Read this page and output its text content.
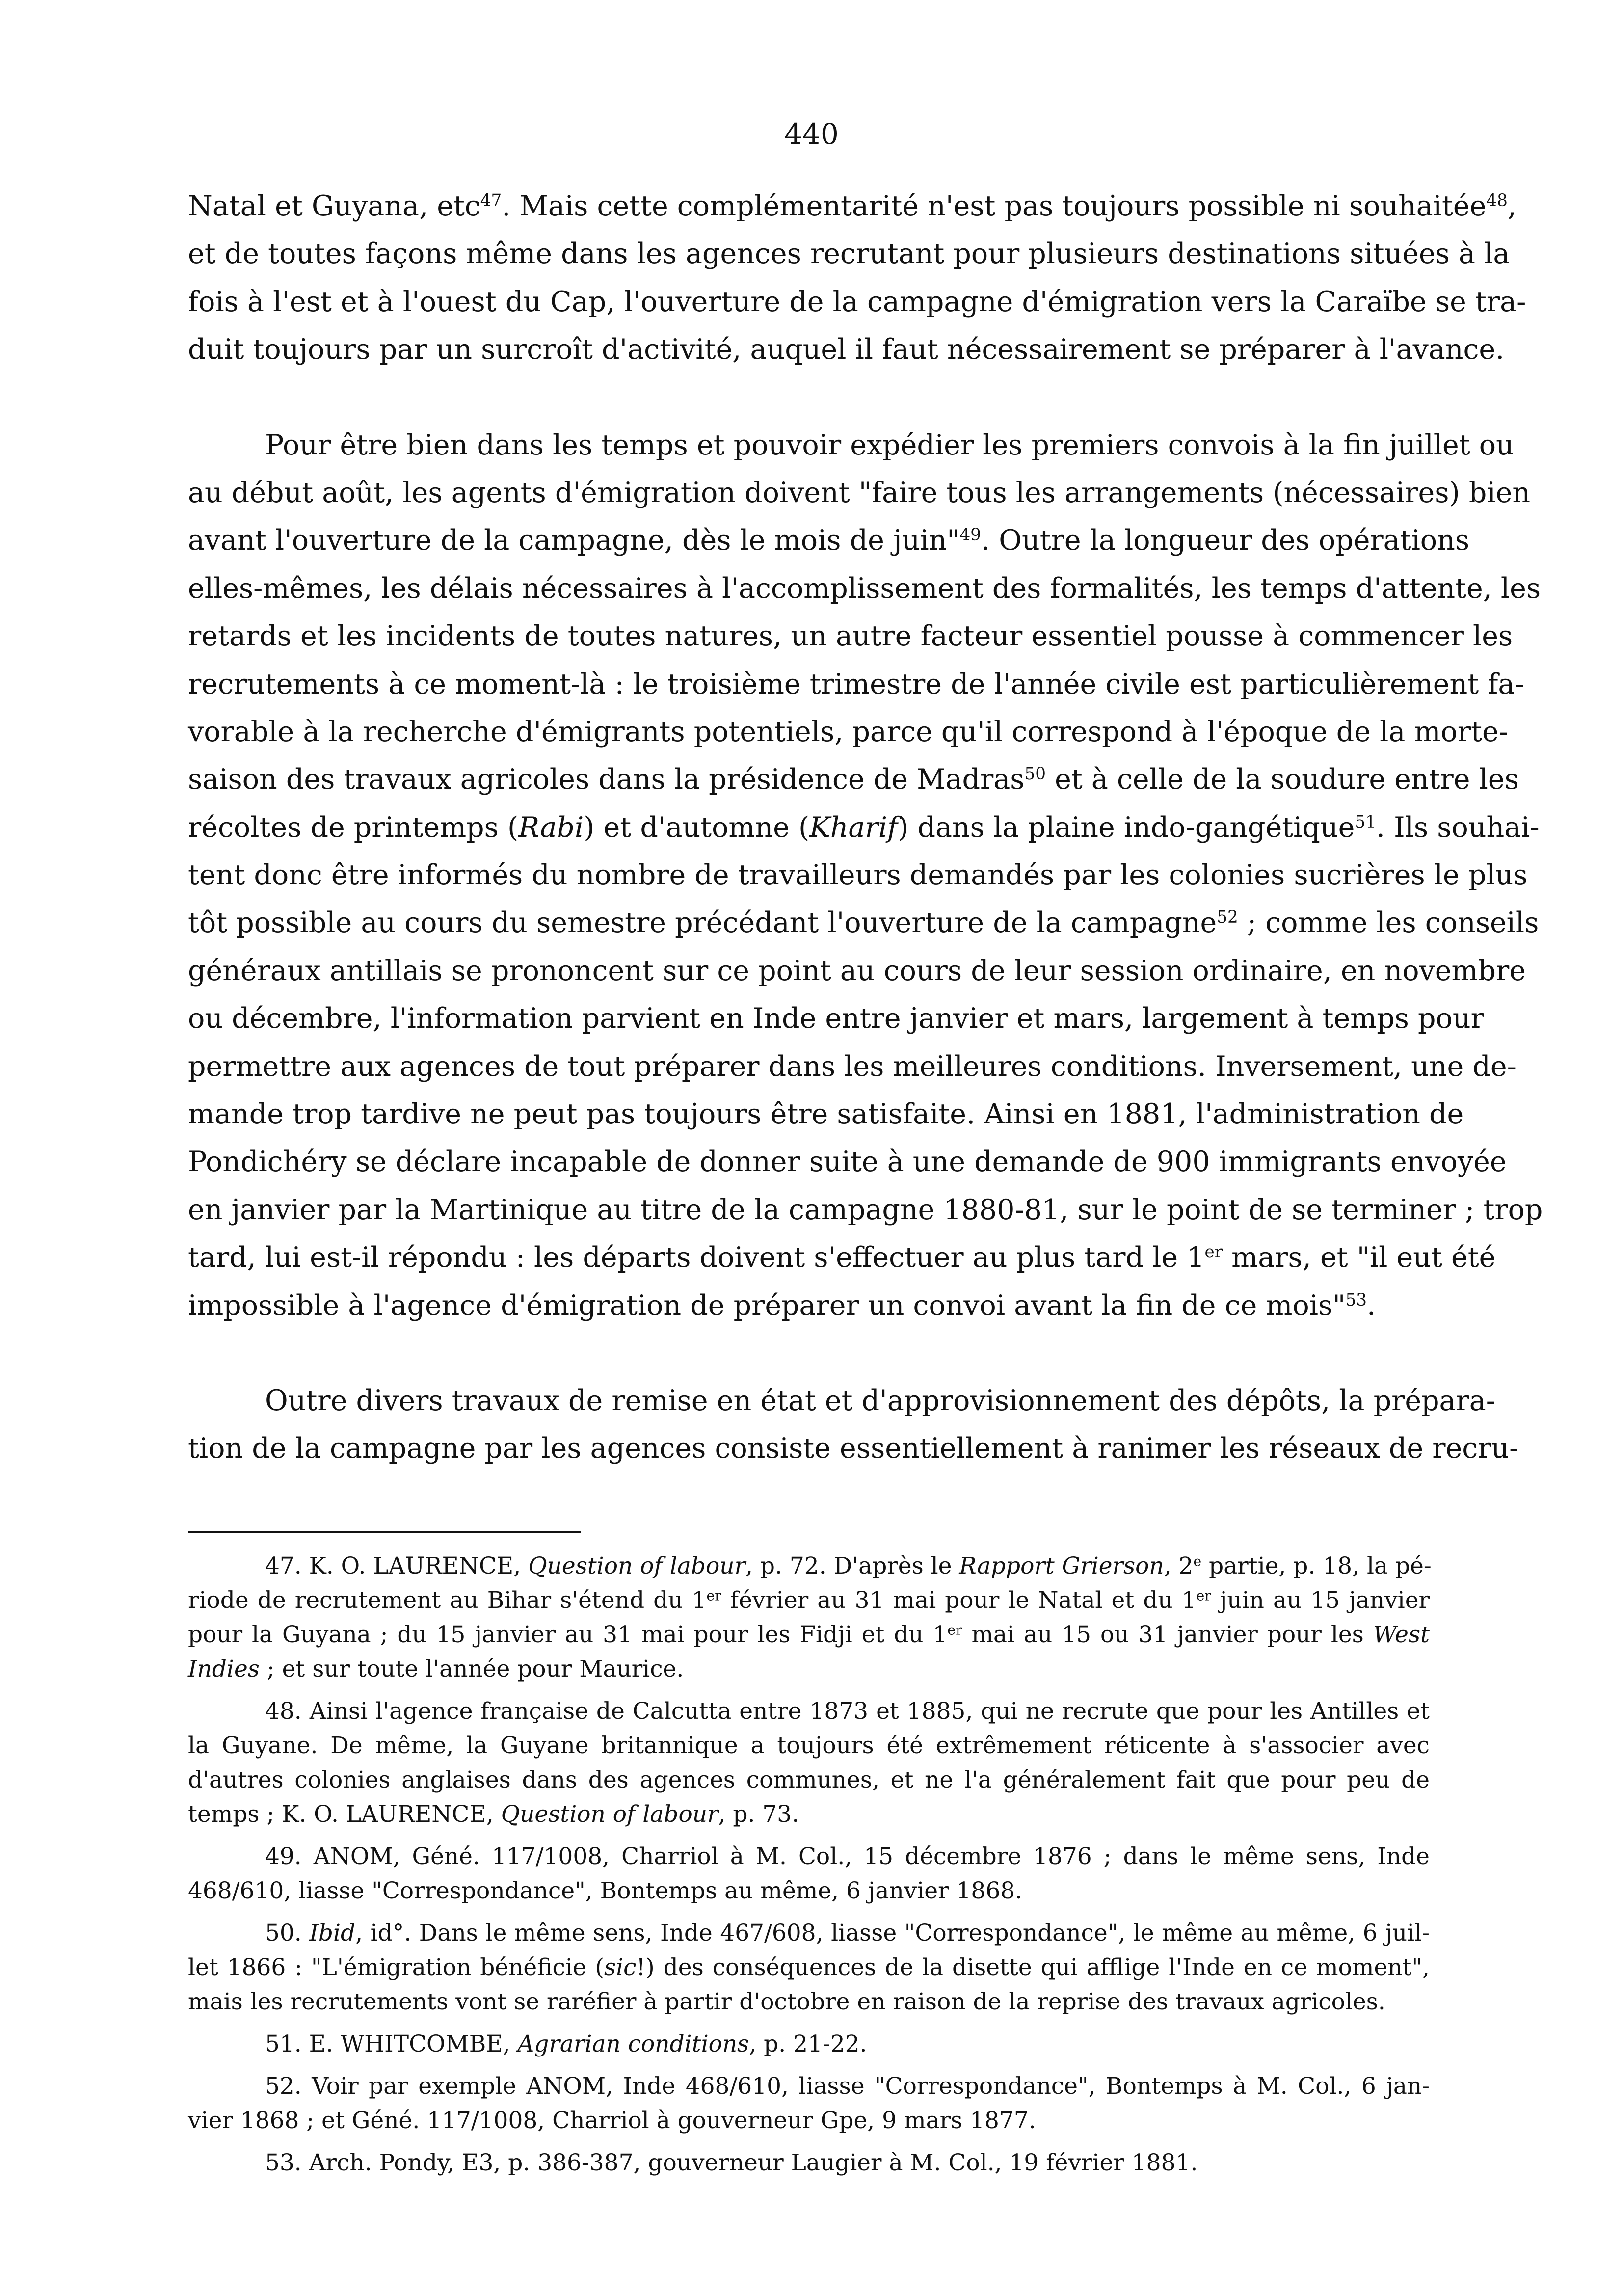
440
Natal et Guyana, etc$^{47}$. Mais cette complémentarité n'est pas toujours possible ni souhaitée$^{48}$,
et de toutes façons même dans les agences recrutant pour plusieurs destinations situées à la
fois à l'est et à l'ouest du Cap, l'ouverture de la campagne d'émigration vers la Caraïbe se tra-
duit toujours par un surcroît d'activité, auquel il faut nécessairement se préparer à l'avance.
Pour être bien dans les temps et pouvoir expédier les premiers convois à la fin juillet ou
au début août, les agents d'émigration doivent "faire tous les arrangements (nécessaires) bien
avant l'ouverture de la campagne, dès le mois de juin"$^{49}$. Outre la longueur des opérations
elles-mêmes, les délais nécessaires à l'accomplissement des formalités, les temps d'attente, les
retards et les incidents de toutes natures, un autre facteur essentiel pousse à commencer les
recrutements à ce moment-là : le troisième trimestre de l'année civile est particulièrement fa-
vorable à la recherche d'émigrants potentiels, parce qu'il correspond à l'époque de la morte-
saison des travaux agricoles dans la présidence de Madras$^{50}$ et à celle de la soudure entre les
récoltes de printemps (Rabi) et d'automne (Kharif) dans la plaine indo-gangétique$^{51}$. Ils souhai-
tent donc être informés du nombre de travailleurs demandés par les colonies sucrières le plus
tôt possible au cours du semestre précédant l'ouverture de la campagne$^{52}$ ; comme les conseils
généraux antillais se prononcent sur ce point au cours de leur session ordinaire, en novembre
ou décembre, l'information parvient en Inde entre janvier et mars, largement à temps pour
permettre aux agences de tout préparer dans les meilleures conditions. Inversement, une de-
mande trop tardive ne peut pas toujours être satisfaite. Ainsi en 1881, l'administration de
Pondichéry se déclare incapable de donner suite à une demande de 900 immigrants envoyée
en janvier par la Martinique au titre de la campagne 1880-81, sur le point de se terminer ; trop
tard, lui est-il répondu : les départs doivent s'effectuer au plus tard le 1er mars, et "il eut été
impossible à l'agence d'émigration de préparer un convoi avant la fin de ce mois"$^{53}$.
Outre divers travaux de remise en état et d'approvisionnement des dépôts, la prépara-
tion de la campagne par les agences consiste essentiellement à ranimer les réseaux de recru-
47. K. O. LAURENCE, Question of labour, p. 72. D'après le Rapport Grierson, 2e partie, p. 18, la pé-
riode de recrutement au Bihar s'étend du 1er février au 31 mai pour le Natal et du 1er juin au 15 janvier
pour la Guyana ; du 15 janvier au 31 mai pour les Fidji et du 1er mai au 15 ou 31 janvier pour les West
Indies ; et sur toute l'année pour Maurice.
48. Ainsi l'agence française de Calcutta entre 1873 et 1885, qui ne recrute que pour les Antilles et
la Guyane. De même, la Guyane britannique a toujours été extrêmement réticente à s'associer avec
d'autres colonies anglaises dans des agences communes, et ne l'a généralement fait que pour peu de
temps ; K. O. LAURENCE, Question of labour, p. 73.
49. ANOM, Géné. 117/1008, Charriol à M. Col., 15 décembre 1876 ; dans le même sens, Inde
468/610, liasse "Correspondance", Bontemps au même, 6 janvier 1868.
50. Ibid, id°. Dans le même sens, Inde 467/608, liasse "Correspondance", le même au même, 6 juil-
let 1866 : "L'émigration bénéficie (sic!) des conséquences de la disette qui afflige l'Inde en ce moment",
mais les recrutements vont se raréfier à partir d'octobre en raison de la reprise des travaux agricoles.
51. E. WHITCOMBE, Agrarian conditions, p. 21-22.
52. Voir par exemple ANOM, Inde 468/610, liasse "Correspondance", Bontemps à M. Col., 6 jan-
vier 1868 ; et Géné. 117/1008, Charriol à gouverneur Gpe, 9 mars 1877.
53. Arch. Pondy, E3, p. 386-387, gouverneur Laugier à M. Col., 19 février 1881.
